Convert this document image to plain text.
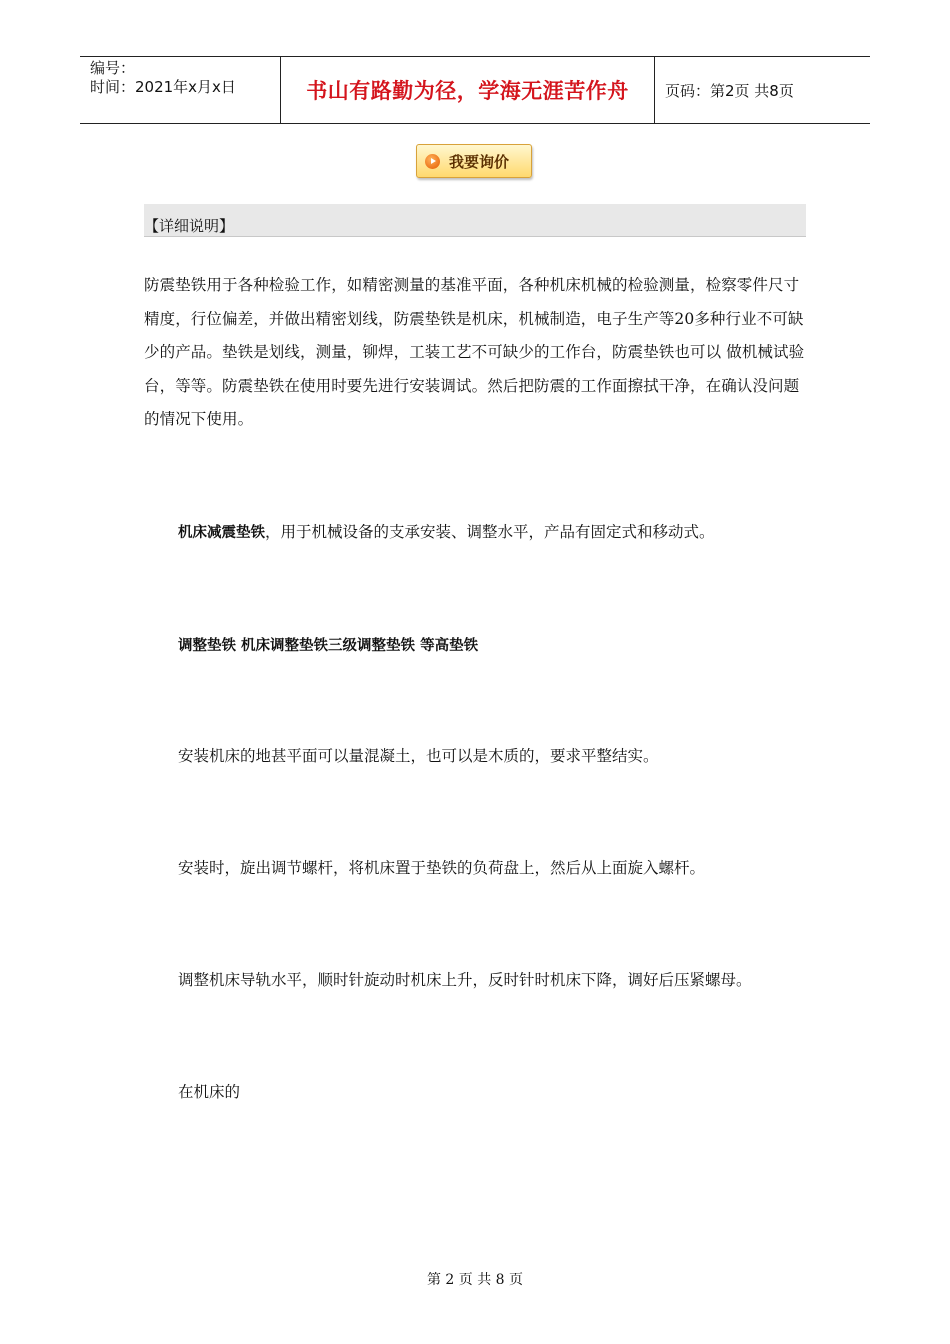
编号：
时间：2021年x月x日	书山有路勤为径，学海无涯苦作舟	页码：第2页 共8页
我要询价
【详细说明】

防震垫铁用于各种检验工作，如精密测量的基准平面，各种机床机械的检验测量，检察零件尺寸精度，行位偏差，并做出精密划线，防震垫铁是机床，机械制造，电子生产等20多种行业不可缺少的产品。垫铁是划线，测量，铆焊，工装工艺不可缺少的工作台，防震垫铁也可以 做机械试验台，等等。防震垫铁在使用时要先进行安装调试。然后把防震的工作面擦拭干净，在确认没问题的情况下使用。

机床减震垫铁，用于机械设备的支承安装、调整水平，产品有固定式和移动式。

调整垫铁 机床调整垫铁三级调整垫铁 等高垫铁

安装机床的地甚平面可以量混凝土，也可以是木质的，要求平整结实。

安装时，旋出调节螺杆，将机床置于垫铁的负荷盘上，然后从上面旋入螺杆。

调整机床导轨水平，顺时针旋动时机床上升，反时针时机床下降，调好后压紧螺母。

在机床的

第 2 页 共 8 页
